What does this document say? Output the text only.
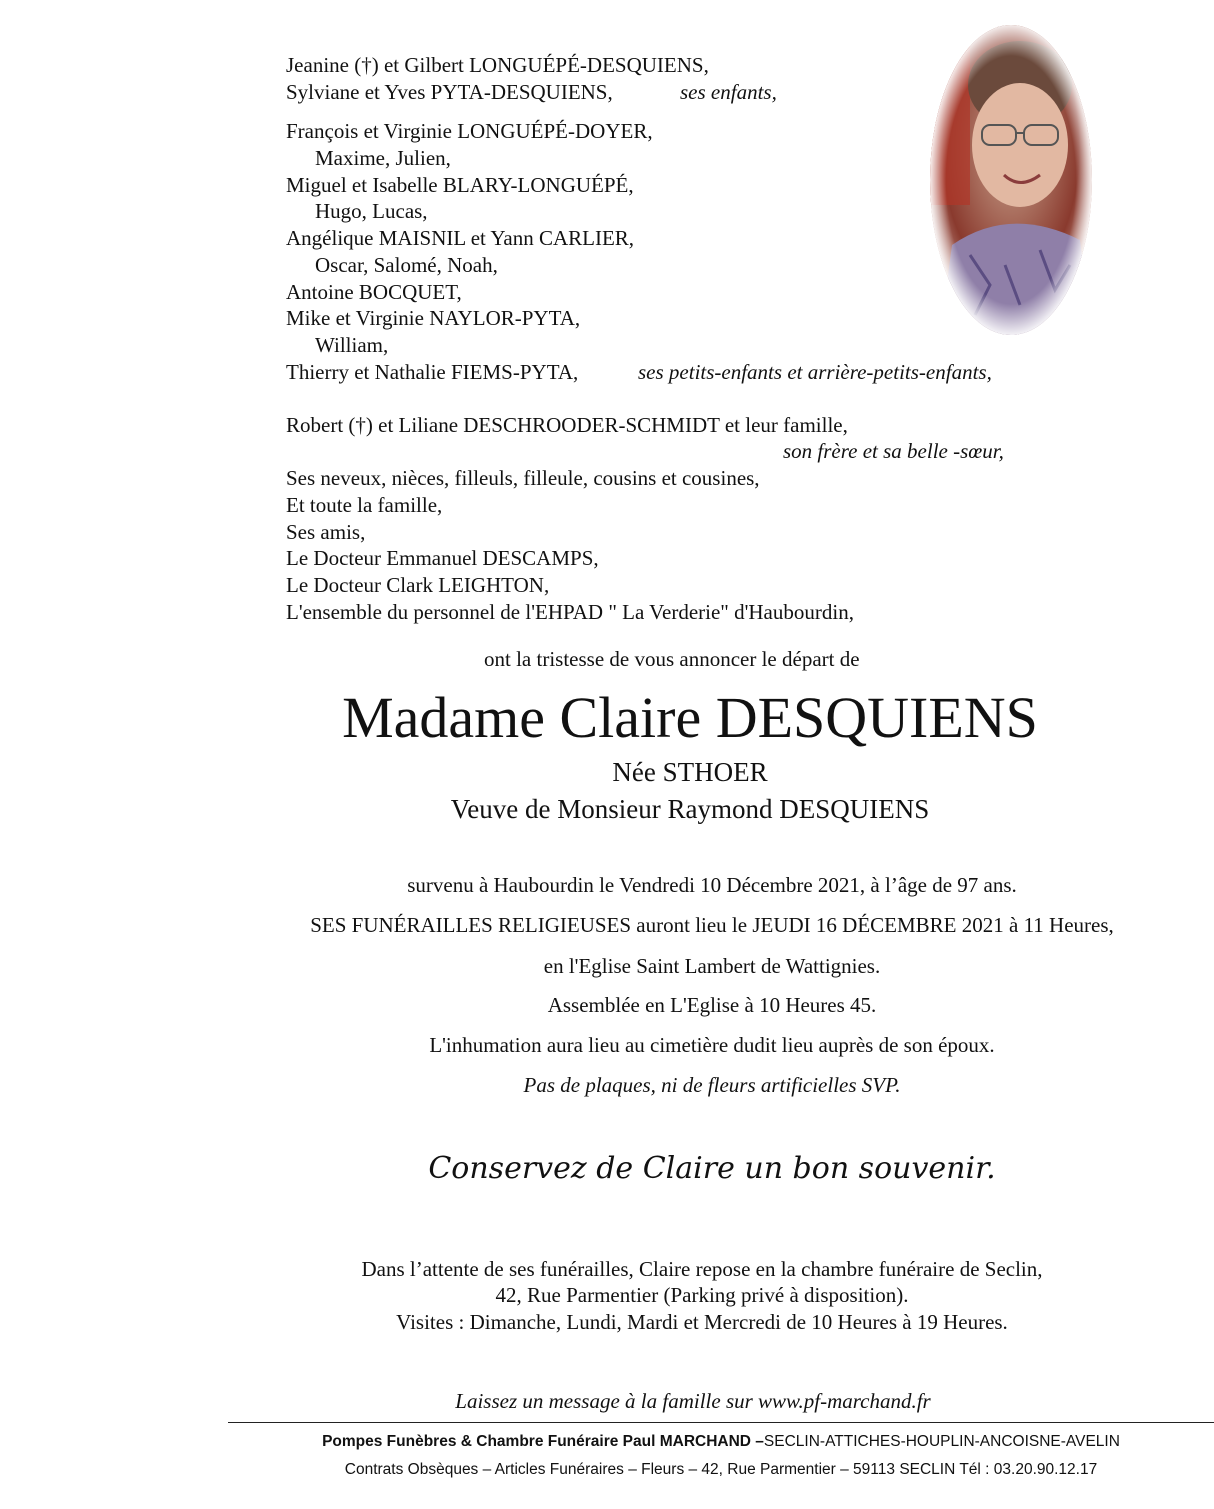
Jeanine (†) et Gilbert LONGUÉPÉ-DESQUIENS,
Sylviane et Yves PYTA-DESQUIENS,	ses enfants,
François et Virginie LONGUÉPÉ-DOYER,
Maxime, Julien,
Miguel et Isabelle BLARY-LONGUÉPÉ,
Hugo, Lucas,
Angélique MAISNIL et Yann CARLIER,
Oscar, Salomé, Noah,
Antoine BOCQUET,
Mike et Virginie NAYLOR-PYTA,
William,
Thierry et Nathalie FIEMS-PYTA,	ses petits-enfants et arrière-petits-enfants,
Robert (†) et Liliane DESCHROODER-SCHMIDT et leur famille,
son frère et sa belle -sœur,
Ses neveux, nièces, filleuls, filleule, cousins et cousines,
Et toute la famille,
Ses amis,
Le Docteur Emmanuel DESCAMPS,
Le Docteur Clark LEIGHTON,
L'ensemble du personnel de l'EHPAD " La Verderie" d'Haubourdin,
ont la tristesse de vous annoncer le départ de
Madame Claire DESQUIENS
Née STHOER
Veuve de Monsieur Raymond DESQUIENS
survenu à Haubourdin le Vendredi 10 Décembre 2021, à l’âge de 97 ans.
SES FUNÉRAILLES RELIGIEUSES auront lieu le JEUDI 16 DÉCEMBRE 2021 à 11 Heures,
en l'Eglise Saint Lambert de Wattignies.
Assemblée en L'Eglise à 10 Heures 45.
L'inhumation aura lieu au cimetière dudit lieu auprès de son époux.
Pas de plaques, ni de fleurs artificielles SVP.
Conservez de Claire un bon souvenir.
Dans l’attente de ses funérailles, Claire repose en la chambre funéraire de Seclin,
42, Rue Parmentier (Parking privé à disposition).
Visites : Dimanche, Lundi, Mardi et Mercredi de 10 Heures à 19 Heures.
Laissez un message à la famille sur www.pf-marchand.fr
Pompes Funèbres & Chambre Funéraire Paul MARCHAND –SECLIN-ATTICHES-HOUPLIN-ANCOISNE-AVELIN
Contrats Obsèques – Articles Funéraires – Fleurs – 42, Rue Parmentier – 59113 SECLIN Tél : 03.20.90.12.17
